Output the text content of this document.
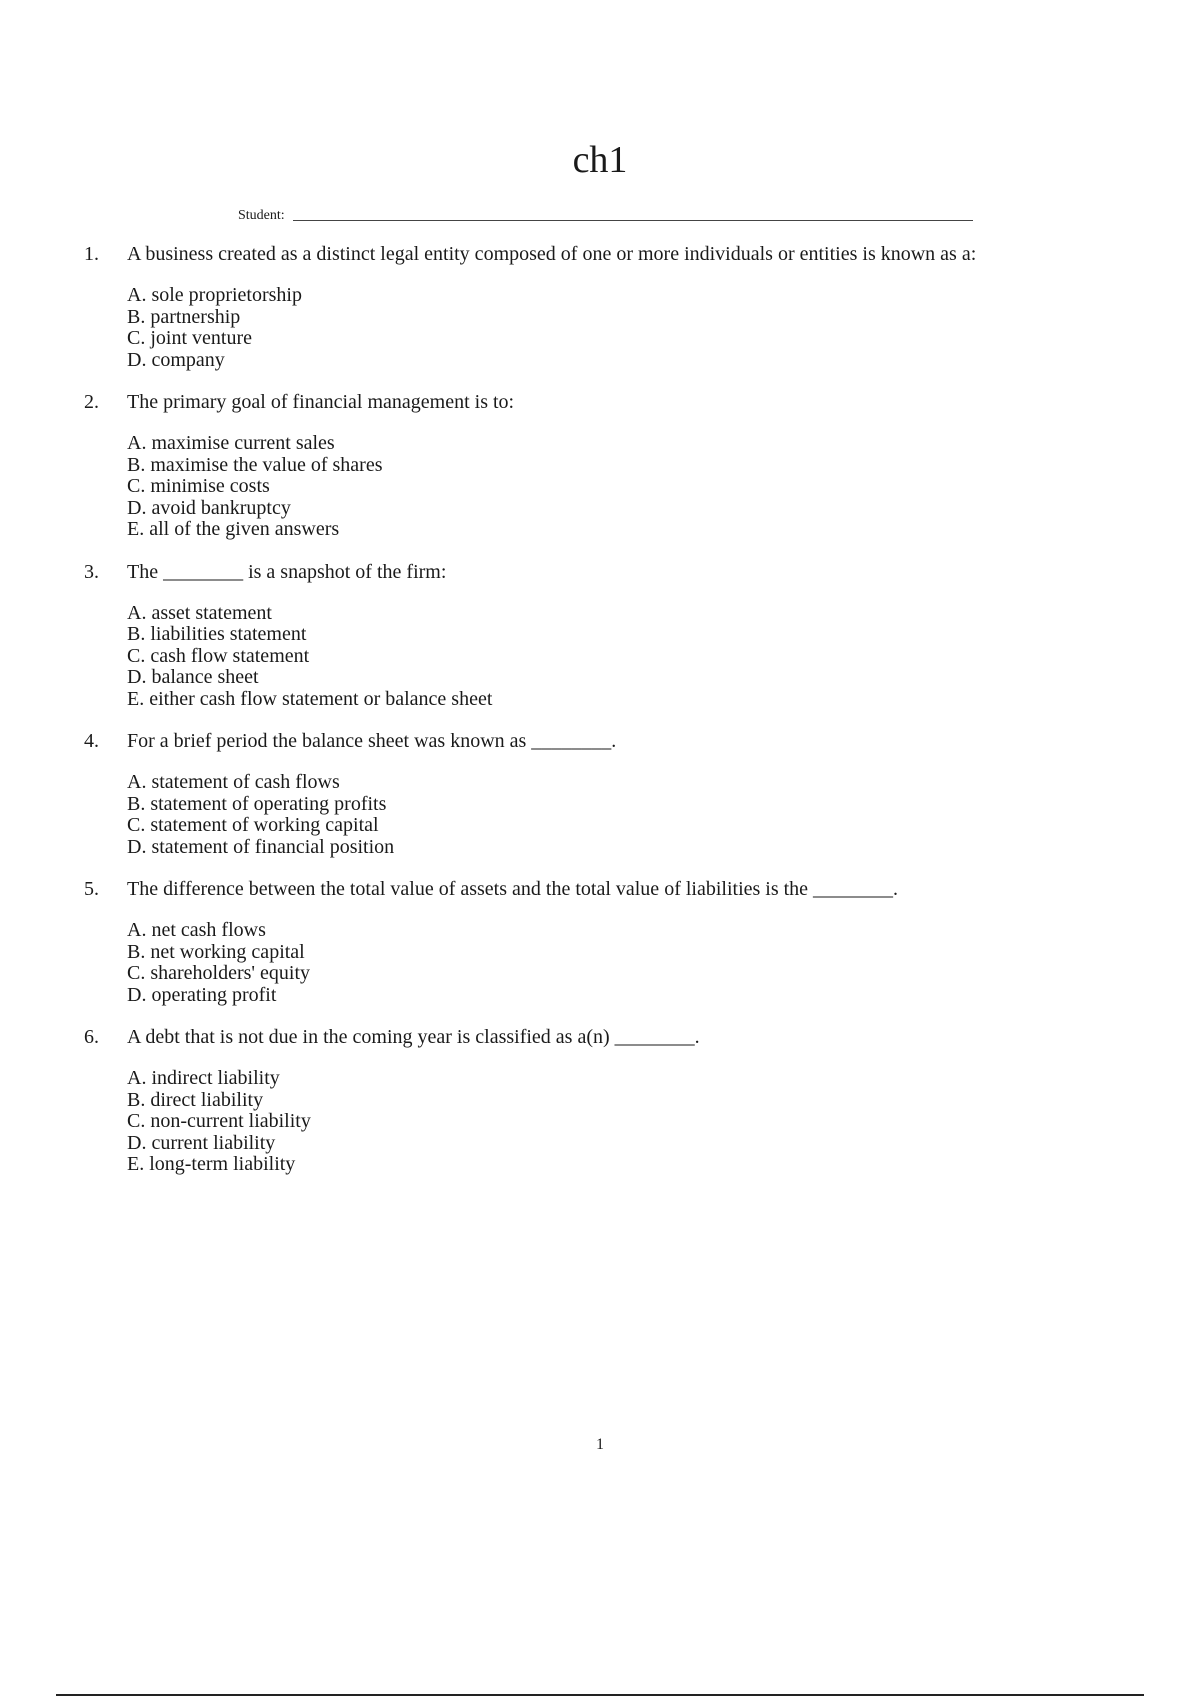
ch1
Student:
1.	A business created as a distinct legal entity composed of one or more individuals or entities is known as a:
A. sole proprietorship
B. partnership
C. joint venture
D. company
2.	The primary goal of financial management is to:
A. maximise current sales
B. maximise the value of shares
C. minimise costs
D. avoid bankruptcy
E. all of the given answers
3.	The ________ is a snapshot of the firm:
A. asset statement
B. liabilities statement
C. cash flow statement
D. balance sheet
E. either cash flow statement or balance sheet
4.	For a brief period the balance sheet was known as ________.
A. statement of cash flows
B. statement of operating profits
C. statement of working capital
D. statement of financial position
5.	The difference between the total value of assets and the total value of liabilities is the ________.
A. net cash flows
B. net working capital
C. shareholders' equity
D. operating profit
6.	A debt that is not due in the coming year is classified as a(n) ________.
A. indirect liability
B. direct liability
C. non-current liability
D. current liability
E. long-term liability
1
